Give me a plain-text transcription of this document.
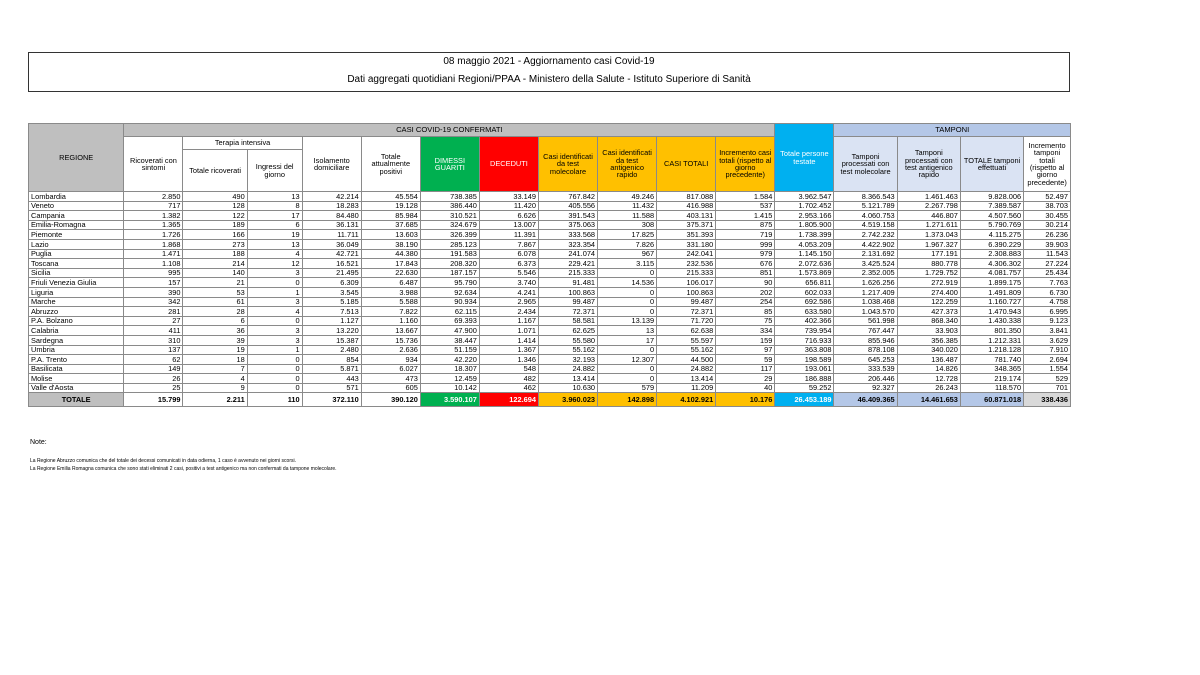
08 maggio 2021 - Aggiornamento casi Covid-19
Dati aggregati quotidiani Regioni/PPAA - Ministero della Salute - Istituto Superiore di Sanità
REGIONE	CASI COVID-19 CONFERMATI											Totale persone testate	TAMPONI			
	Ricoverati con sintomi	Terapia intensiva		Isolamento domiciliare	Totale attualmente positivi	DIMESSI GUARITI	DECEDUTI	Casi identificati da test molecolare	Casi identificati da test antigenico rapido	CASI TOTALI	Incremento casi totali (rispetto al giorno precedente)		Tamponi processati con test molecolare	Tamponi processati con test antigenico rapido	TOTALE tamponi effettuati	Incremento tamponi totali (rispetto al giorno precedente)
		Totale ricoverati	Ingressi del giorno													
Lombardia	2.850	490	13	42.214	45.554	738.385	33.149	767.842	49.246	817.088	1.584	3.962.547	8.366.543	1.461.463	9.828.006	52.497
Veneto	717	128	8	18.283	19.128	386.440	11.420	405.556	11.432	416.988	537	1.702.452	5.121.789	2.267.798	7.389.587	38.703
Campania	1.382	122	17	84.480	85.984	310.521	6.626	391.543	11.588	403.131	1.415	2.953.166	4.060.753	446.807	4.507.560	30.455
Emilia-Romagna	1.365	189	6	36.131	37.685	324.679	13.007	375.063	308	375.371	875	1.805.900	4.519.158	1.271.611	5.790.769	30.214
Piemonte	1.726	166	19	11.711	13.603	326.399	11.391	333.568	17.825	351.393	719	1.738.399	2.742.232	1.373.043	4.115.275	26.236
Lazio	1.868	273	13	36.049	38.190	285.123	7.867	323.354	7.826	331.180	999	4.053.209	4.422.902	1.967.327	6.390.229	39.903
Puglia	1.471	188	4	42.721	44.380	191.583	6.078	241.074	967	242.041	979	1.145.150	2.131.692	177.191	2.308.883	11.543
Toscana	1.108	214	12	16.521	17.843	208.320	6.373	229.421	3.115	232.536	676	2.072.636	3.425.524	880.778	4.306.302	27.224
Sicilia	995	140	3	21.495	22.630	187.157	5.546	215.333	0	215.333	851	1.573.869	2.352.005	1.729.752	4.081.757	25.434
Friuli Venezia Giulia	157	21	0	6.309	6.487	95.790	3.740	91.481	14.536	106.017	90	656.811	1.626.256	272.919	1.899.175	7.763
Liguria	390	53	1	3.545	3.988	92.634	4.241	100.863	0	100.863	202	602.033	1.217.409	274.400	1.491.809	6.730
Marche	342	61	3	5.185	5.588	90.934	2.965	99.487	0	99.487	254	692.586	1.038.468	122.259	1.160.727	4.758
Abruzzo	281	28	4	7.513	7.822	62.115	2.434	72.371	0	72.371	85	633.580	1.043.570	427.373	1.470.943	6.995
P.A. Bolzano	27	6	0	1.127	1.160	69.393	1.167	58.581	13.139	71.720	75	402.366	561.998	868.340	1.430.338	9.123
Calabria	411	36	3	13.220	13.667	47.900	1.071	62.625	13	62.638	334	739.954	767.447	33.903	801.350	3.841
Sardegna	310	39	3	15.387	15.736	38.447	1.414	55.580	17	55.597	159	716.933	855.946	356.385	1.212.331	3.629
Umbria	137	19	1	2.480	2.636	51.159	1.367	55.162	0	55.162	97	363.808	878.108	340.020	1.218.128	7.910
P.A. Trento	62	18	0	854	934	42.220	1.346	32.193	12.307	44.500	59	198.589	645.253	136.487	781.740	2.694
Basilicata	149	7	0	5.871	6.027	18.307	548	24.882	0	24.882	117	193.061	333.539	14.826	348.365	1.554
Molise	26	4	0	443	473	12.459	482	13.414	0	13.414	29	186.888	206.446	12.728	219.174	529
Valle d'Aosta	25	9	0	571	605	10.142	462	10.630	579	11.209	40	59.252	92.327	26.243	118.570	701
TOTALE	15.799	2.211	110	372.110	390.120	3.590.107	122.694	3.960.023	142.898	4.102.921	10.176	26.453.189	46.409.365	14.461.653	60.871.018	338.436
Note:
La Regione Abruzzo comunica che del totale dei decessi comunicati in data odierna, 1 caso è avvenuto nei giorni scorsi.
La Regione Emilia Romagna comunica che sono stati eliminati 2 casi, positivi a test antigenico ma non confermati da tampone molecolare.
